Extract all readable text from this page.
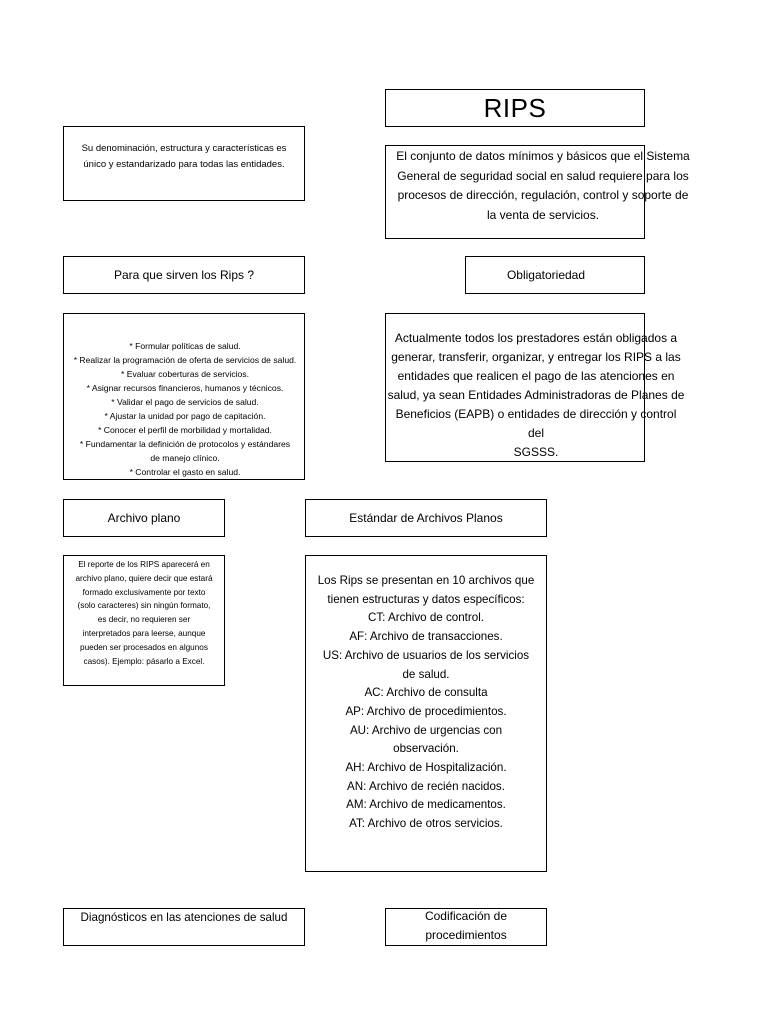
RIPS
El conjunto de datos mínimos y básicos que el Sistema
General de seguridad social en salud requiere para los
procesos de dirección, regulación, control y soporte de
la venta de servicios.
Su denominación, estructura y características es
único y estandarizado para todas las entidades.
Para que sirven los Rips ?	Obligatoriedad
* Formular políticas de salud.
* Realizar la programación de oferta de servicios de salud.
* Evaluar coberturas de servicios.
* Asignar recursos financieros, humanos y técnicos.
* Validar el pago de servicios de salud.
* Ajustar la unidad por pago de capitación.
* Conocer el perfil de morbilidad y mortalidad.
* Fundamentar la definición de protocolos y estándares
de manejo clínico.
* Controlar el gasto en salud.
Actualmente todos los prestadores están obligados a
generar, transferir, organizar, y entregar los RIPS a las
entidades que realicen el pago de las atenciones en
salud, ya sean Entidades Administradoras de Planes de
Beneficios (EAPB) o entidades de dirección y control del
SGSSS.
Archivo plano	Estándar de Archivos Planos
El reporte de los RIPS aparecerá en
archivo plano, quiere decir que estará
formado exclusivamente por texto
(solo caracteres) sin ningún formato,
es decir, no requieren ser
interpretados para leerse, aunque
pueden ser procesados en algunos
casos). Ejemplo: pásarlo a Excel.
Los Rips se presentan en 10 archivos que
tienen estructuras y datos específicos:
CT: Archivo de control.
AF: Archivo de transacciones.
US: Archivo de usuarios de los servicios
de salud.
AC: Archivo de consulta
AP: Archivo de procedimientos.
AU: Archivo de urgencias con
observación.
AH: Archivo de Hospitalización.
AN: Archivo de recién nacidos.
AM: Archivo de medicamentos.
AT: Archivo de otros servicios.
Diagnósticos en las atenciones de salud	Codificación de
procedimientos
